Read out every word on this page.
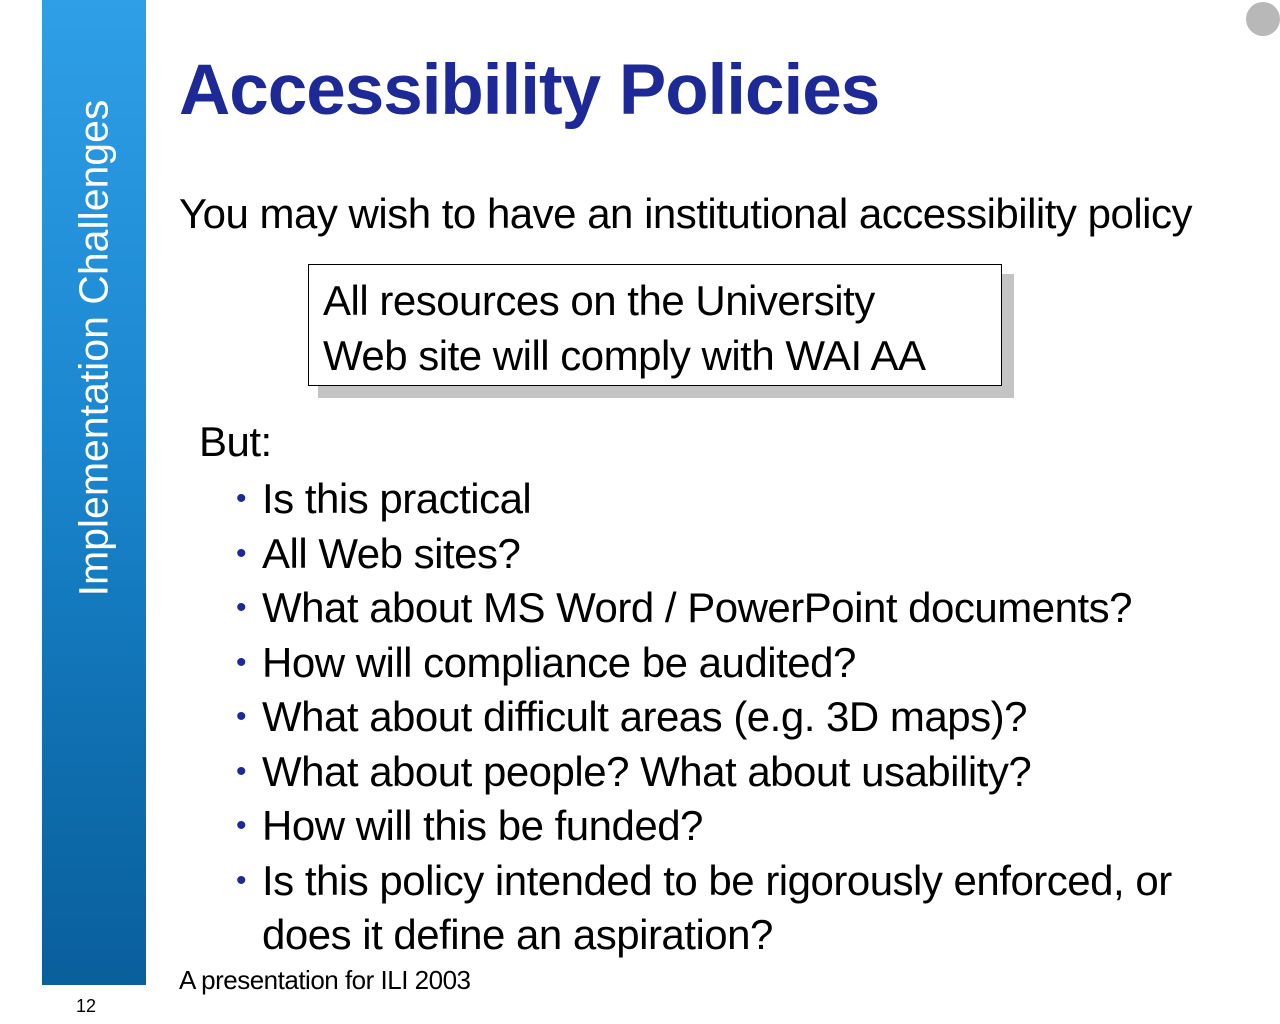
Implementation Challenges
Accessibility Policies
You may wish to have an institutional accessibility policy
All resources on the University
Web site will comply with WAI AA
But:
• Is this practical
• All Web sites?
• What about MS Word / PowerPoint documents?
• How will compliance be audited?
• What about difficult areas (e.g. 3D maps)?
• What about people? What about usability?
• How will this be funded?
• Is this policy intended to be rigorously enforced, or
does it define an aspiration?
A presentation for ILI 2003
12
